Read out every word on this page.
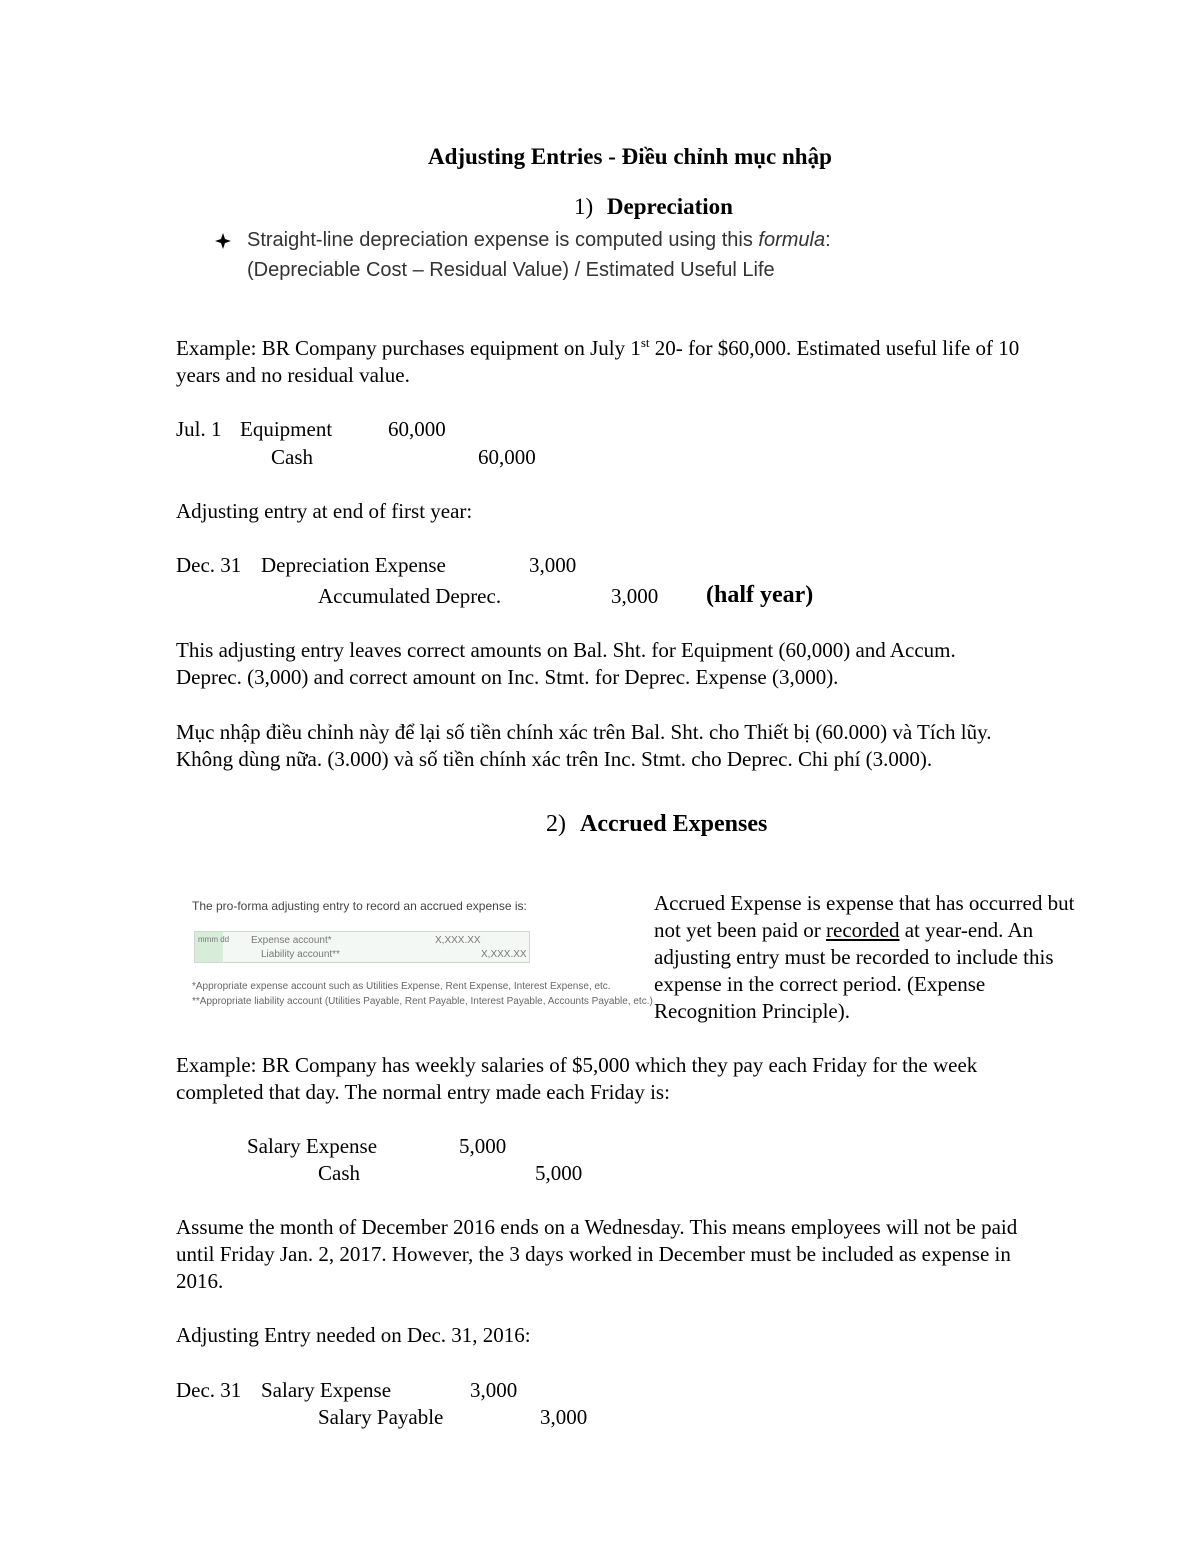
Adjusting Entries - Điều chỉnh mục nhập
1) Depreciation
Straight-line depreciation expense is computed using this formula:
(Depreciable Cost – Residual Value) / Estimated Useful Life
Example: BR Company purchases equipment on July 1st 20- for $60,000. Estimated useful life of 10
years and no residual value.
Jul. 1 Equipment	60,000
Cash	60,000
Adjusting entry at end of first year:
Dec. 31 Depreciation Expense	3,000
Accumulated Deprec.	3,000 (half year)
This adjusting entry leaves correct amounts on Bal. Sht. for Equipment (60,000) and Accum.
Deprec. (3,000) and correct amount on Inc. Stmt. for Deprec. Expense (3,000).
Mục nhập điều chỉnh này để lại số tiền chính xác trên Bal. Sht. cho Thiết bị (60.000) và Tích lũy.
Không dùng nữa. (3.000) và số tiền chính xác trên Inc. Stmt. cho Deprec. Chi phí (3.000).
2) Accrued Expenses
The pro-forma adjusting entry to record an accrued expense is:
mmm dd Expense account*	X,XXX.XX
Liability account**	X,XXX.XX
*Appropriate expense account such as Utilities Expense, Rent Expense, Interest Expense, etc.
**Appropriate liability account (Utilities Payable, Rent Payable, Interest Payable, Accounts Payable, etc.)
Accrued Expense is expense that has occurred but
not yet been paid or recorded at year-end. An
adjusting entry must be recorded to include this
expense in the correct period. (Expense
Recognition Principle).
Example: BR Company has weekly salaries of $5,000 which they pay each Friday for the week
completed that day. The normal entry made each Friday is:
Salary Expense	5,000
Cash	5,000
Assume the month of December 2016 ends on a Wednesday. This means employees will not be paid
until Friday Jan. 2, 2017. However, the 3 days worked in December must be included as expense in
2016.
Adjusting Entry needed on Dec. 31, 2016:
Dec. 31 Salary Expense	3,000
Salary Payable	3,000
